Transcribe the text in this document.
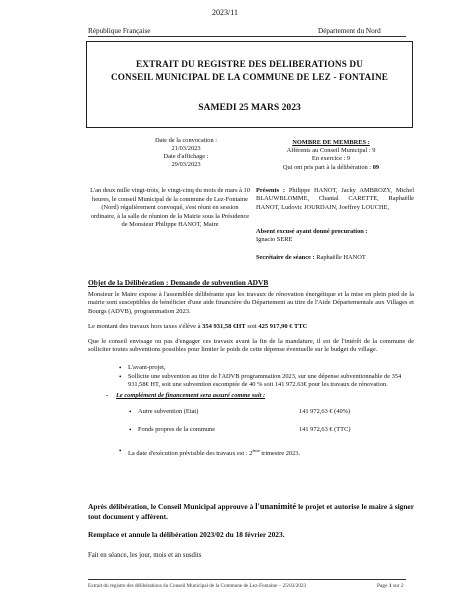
2023/11
République Française	Département du Nord
EXTRAIT DU REGISTRE DES DELIBERATIONS DU
CONSEIL MUNICIPAL DE LA COMMUNE DE LEZ - FONTAINE
SAMEDI 25 MARS 2023
Date de la convocation :
21/03/2023
Date d'affichage :
29/03/2023
NOMBRE DE MEMBRES :
Afférents au Conseil Municipal : 9
En exercice : 9
Qui ont pris part à la délibération : 09
L'an deux mille vingt-trois, le vingt-cinq du mois de mars à 10 heures, le conseil Municipal de la commune de Lez-Fontaine (Nord) régulièrement convoqué, s'est réuni en session ordinaire, à la salle de réunion de la Mairie sous la Présidence de Monsieur Philippe HANOT, Maire
Présents : Philippe HANOT, Jacky AMBROZY, Michel BLAUWBLOMME, Chantal CARETTE, Raphaëlle HANOT, Ludovic JOURDAIN, Joeffrey LOUCHE,
Absent excusé ayant donné procuration :
Ignacio SERE
Secrétaire de séance : Raphaëlle HANOT
Objet de la Délibération : Demande de subvention ADVB
Monsieur le Maire expose à l'assemblée délibérante que les travaux de rénovation énergétique et la mise en plein pied de la mairie sont susceptibles de bénéficier d'une aide financière du Département au titre de l'Aide Départementale aux Villages et Bourgs (ADVB), programmation 2023.
Le montant des travaux hors taxes s'élève à 354 931,58 €HT soit 425 917,90 € TTC
Que le conseil envisage ou pas d'engager ces travaux avant la fin de la mandature, il est de l'intérêt de la commune de solliciter toutes subventions possibles pour limiter le poids de cette dépense éventuelle sur le budget du village.
• L'avant-projet,
• Sollicite une subvention au titre de l'ADVB programmation 2023, sur une dépense subventionnable de 354 931,58€ HT, soit une subvention escomptée de 40 % soit 141 972.63€ pour les travaux de rénovation.
- Le complément de financement sera assuré comme suit :
• Autre subvention (Etat)	141 972,63 € (40%)
• Fonds propres de la commune	141 972,63 € (TTC)
• La date d'exécution prévisible des travaux est : 2ème trimestre 2023.
Après délibération, le Conseil Municipal approuve à l'unanimité le projet et autorise le maire à signer tout document y afférent.
Remplace et annule la délibération 2023/02 du 18 février 2023.
Fait en séance, les jour, mois et an susdits
Extrait du registre des délibérations du Conseil Municipal de la Commune de Lez-Fontaine – 25/03/2023	Page 1 sur 2
